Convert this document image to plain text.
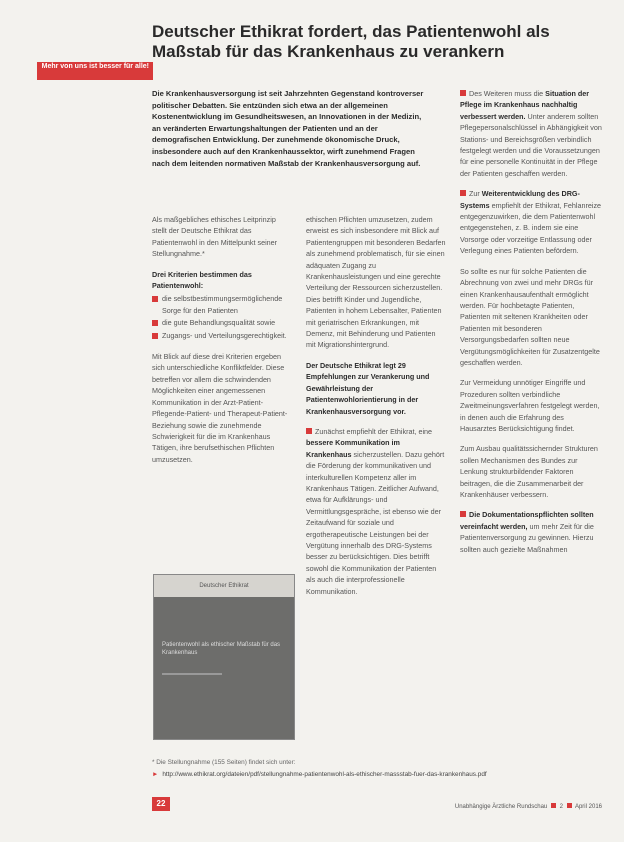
Deutscher Ethikrat fordert, das Patientenwohl als Maßstab für das Krankenhaus zu verankern
Mehr von uns ist besser für alle!
Die Krankenhausversorgung ist seit Jahrzehnten Gegenstand kontroverser politischer Debatten. Sie entzünden sich etwa an der allgemeinen Kostenentwicklung im Gesundheitswesen, an Innovationen in der Medizin, an veränderten Erwartungshaltungen der Patienten und an der demografischen Entwicklung. Der zunehmende ökonomische Druck, insbesondere auch auf den Krankenhaussektor, wirft zunehmend Fragen nach dem leitenden normativen Maßstab der Krankenhausversorgung auf.

Als maßgebliches ethisches Leitprinzip stellt der Deutsche Ethikrat das Patientenwohl in den Mittelpunkt seiner Stellungnahme.*

Drei Kriterien bestimmen das Patientenwohl:
die selbstbestimmungsermöglichende Sorge für den Patienten
die gute Behandlungsqualität sowie
Zugangs- und Verteilungsgerechtigkeit.

Mit Blick auf diese drei Kriterien ergeben sich unterschiedliche Konfliktfelder. Diese betreffen vor allem die schwindenden Möglichkeiten einer angemessenen Kommunikation in der Arzt-Patient-Pflegende-Patient- und Therapeut-Patient-Beziehung sowie die zunehmende Schwierigkeit für die im Krankenhaus Tätigen, ihre berufsethischen Pflichten umzusetzen.

Deutscher Ethikrat
Patientenwohl als ethischer Maßstab für das Krankenhaus

ethischen Pflichten umzusetzen, zudem erweist es sich insbesondere mit Blick auf Patientengruppen mit besonderen Bedarfen als zunehmend problematisch, für sie einen adäquaten Zugang zu Krankenhausleistungen und eine gerechte Verteilung der Ressourcen sicherzustellen. Dies betrifft Kinder und Jugendliche, Patienten in hohem Lebensalter, Patienten mit geriatrischen Erkrankungen, mit Demenz, mit Behinderung und Patienten mit Migrationshintergrund.

Der Deutsche Ethikrat legt 29 Empfehlungen zur Verankerung und Gewährleistung der Patientenwohlorientierung in der Krankenhausversorgung vor.

Zunächst empfiehlt der Ethikrat, eine bessere Kommunikation im Krankenhaus sicherzustellen. Dazu gehört die Förderung der kommunikativen und interkulturellen Kompetenz aller im Krankenhaus Tätigen. Zeitlicher Aufwand, etwa für Aufklärungs- und Vermittlungsgespräche, ist ebenso wie der Zeitaufwand für soziale und ergotherapeutische Leistungen bei der Vergütung innerhalb des DRG-Systems besser zu berücksichtigen. Dies betrifft sowohl die Kommunikation der Patienten als auch die interprofessionelle Kommunikation.

Des Weiteren muss die Situation der Pflege im Krankenhaus nachhaltig verbessert werden. Unter anderem sollten Pflegepersonalschlüssel in Abhängigkeit von Stations- und Bereichsgrößen verbindlich festgelegt werden und die Voraussetzungen für eine personelle Kontinuität in der Pflege der Patienten geschaffen werden.

Zur Weiterentwicklung des DRG-Systems empfiehlt der Ethikrat, Fehlanreize entgegenzuwirken, die dem Patientenwohl entgegenstehen, z. B. indem sie eine Vorsorge oder vorzeitige Entlassung oder Verlegung eines Patienten befördern.

So sollte es nur für solche Patienten die Abrechnung von zwei und mehr DRGs für einen Krankenhausaufenthalt ermöglicht werden. Für hochbetagte Patienten, Patienten mit seltenen Krankheiten oder Patienten mit besonderen Versorgungsbedarfen sollten neue Vergütungsmöglichkeiten für Zusatzentgelte geschaffen werden.

Zur Vermeidung unnötiger Eingriffe und Prozeduren sollten verbindliche Zweitmeinungsverfahren festgelegt werden, in denen auch die Erfahrung des Hausarztes Berücksichtigung findet.

Zum Ausbau qualitätssichernder Strukturen sollen Mechanismen des Bundes zur Lenkung strukturbildender Faktoren beitragen, die die Zusammenarbeit der Krankenhäuser verbessern.

Die Dokumentationspflichten sollten vereinfacht werden, um mehr Zeit für die Patientenversorgung zu gewinnen. Hierzu sollten auch gezielte Maßnahmen

* Die Stellungnahme (155 Seiten) findet sich unter:
► http://www.ethikrat.org/dateien/pdf/stellungnahme-patientenwohl-als-ethischer-massstab-fuer-das-krankenhaus.pdf
22	Unabhängige Ärztliche Rundschau 2 April 2016
